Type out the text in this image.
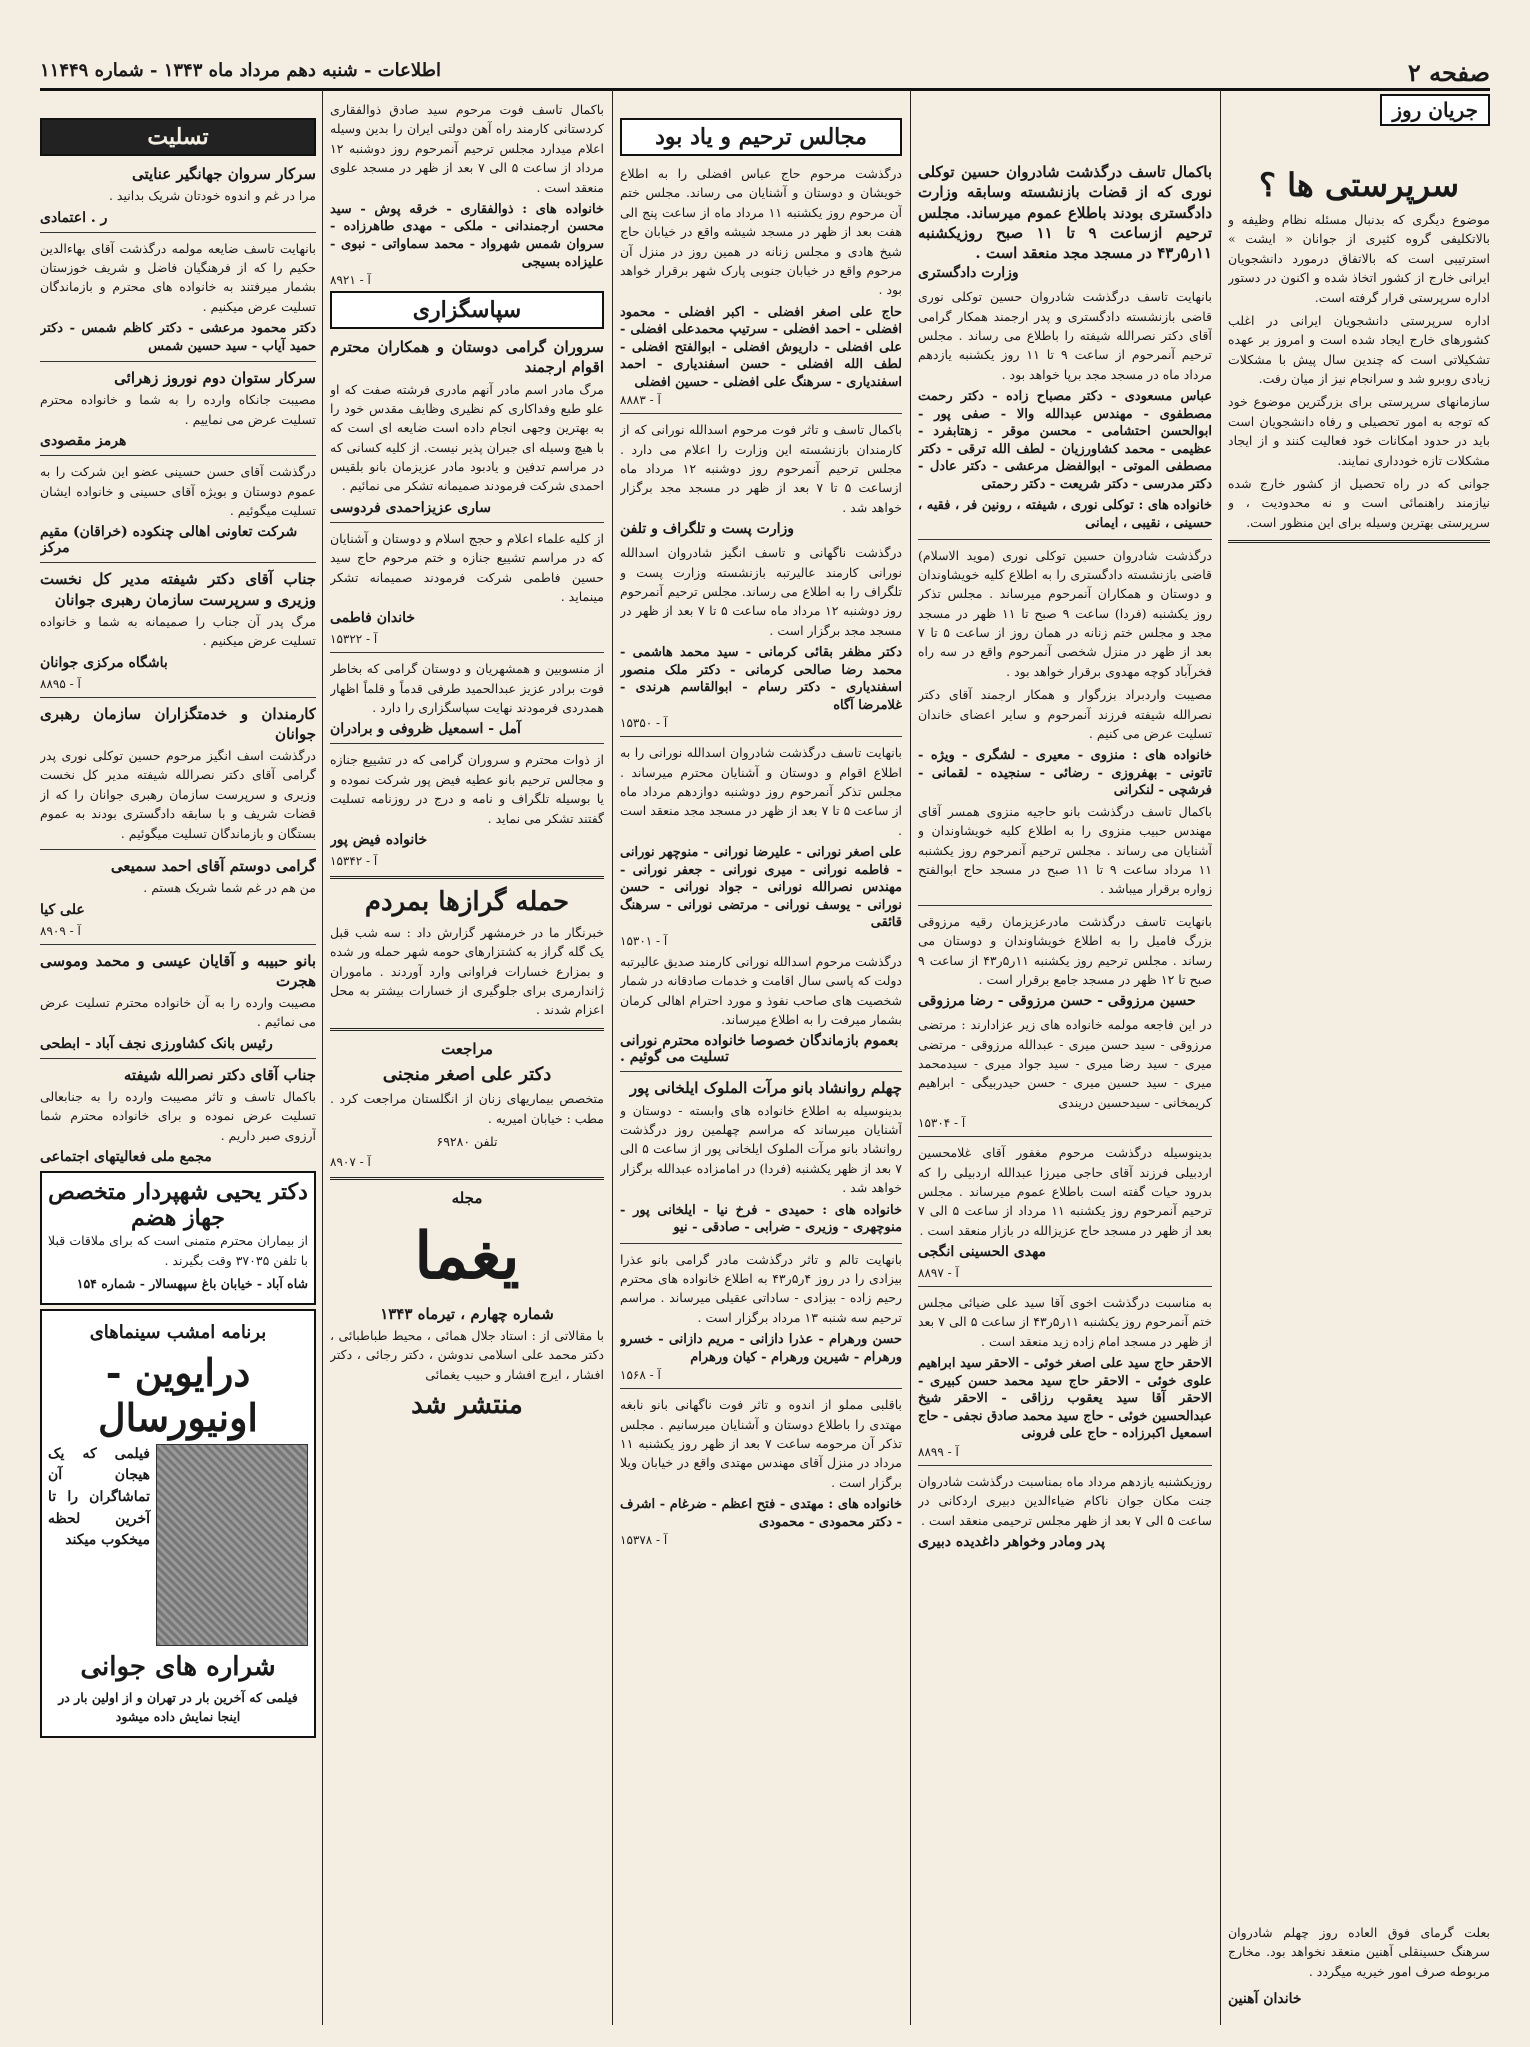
صفحه ۲
اطلاعات - شنبه دهم مرداد ماه ۱۳۴۳ - شماره ۱۱۴۴۹
جریان روز
سرپرستی ها ؟

موضوع دیگری که بدنبال مسئله نظام وظیفه و بالاتکلیفی گروه کثیری از جوانان « ایشت » استرتیبی است که بالاتفاق درمورد دانشجویان ایرانی خارج از کشور اتخاذ شده و اکنون در دستور اداره سرپرستی قرار گرفته است.

اداره سرپرستی دانشجویان ایرانی در اغلب کشورهای خارج ایجاد شده است و امروز بر عهده تشکیلاتی است که چندین سال پیش با مشکلات زیادی روبرو شد و سرانجام نیز از میان رفت.

سازمانهای سرپرستی برای بزرگترین موضوع خود که توجه به امور تحصیلی و رفاه دانشجویان است باید در حدود امکانات خود فعالیت کنند و از ایجاد مشکلات تازه خودداری نمایند.

جوانی که در راه تحصیل از کشور خارج شده نیازمند راهنمائی است و نه محدودیت ، و سرپرستی بهترین وسیله برای این منظور است.

بعلت گرمای فوق العاده روز چهلم شادروان سرهنگ حسینقلی آهنین منعقد نخواهد بود. مخارج مربوطه صرف امور خیریه میگردد .

خاندان آهنین

باکمال تاسف درگذشت شادروان حسین توکلی نوری که از قضات بازنشسته وسابقه وزارت دادگستری بودند باطلاع عموم میرساند. مجلس ترحیم ازساعت ۹ تا ۱۱ صبح روزیکشنبه ۱۱ر۵ر۴۳ در مسجد مجد منعقد است .

وزارت دادگستری

بانهایت تاسف درگذشت شادروان حسین توکلی نوری قاضی بازنشسته دادگستری و پدر ارجمند همکار گرامی آقای دکتر نصرالله شیفته را باطلاع می رساند . مجلس ترحیم آنمرحوم از ساعت ۹ تا ۱۱ روز یکشنبه یازدهم مرداد ماه در مسجد مجد برپا خواهد بود .

عباس مسعودی - دکتر مصباح زاده - دکتر رحمت مصطفوی - مهندس عبدالله والا - صفی پور - ابوالحسن احتشامی - محسن موقر - زهتابفرد - عظیمی - محمد کشاورزیان - لطف الله ترقی - دکتر مصطفی الموتی - ابوالفضل مرعشی - دکتر عادل - دکتر مدرسی - دکتر شریعت - دکتر رحمتی

خانواده های : توکلی نوری ، شیفته ، رونین فر ، فقیه ، حسینی ، نقیبی ، ایمانی

درگذشت شادروان حسین توکلی نوری (موید الاسلام) قاضی بازنشسته دادگستری را به اطلاع کلیه خویشاوندان و دوستان و همکاران آنمرحوم میرساند . مجلس تذکر روز یکشنبه (فردا) ساعت ۹ صبح تا ۱۱ ظهر در مسجد مجد و مجلس ختم زنانه در همان روز از ساعت ۵ تا ۷ بعد از ظهر در منزل شخصی آنمرحوم واقع در سه راه فخرآباد کوچه مهدوی برقرار خواهد بود .

مصیبت واردبراد بزرگوار و همکار ارجمند آقای دکتر نصرالله شیفته فرزند آنمرحوم و سایر اعضای خاندان تسلیت عرض می کنیم .

خانواده های : منزوی - معیری - لشگری - ویژه - تاتونی - بهفروزی - رضائی - سنجیده - لقمانی - فرشچی - لنکرانی

باکمال تاسف درگذشت بانو حاجیه منزوی همسر آقای مهندس حبیب منزوی را به اطلاع کلیه خویشاوندان و آشنایان می رساند . مجلس ترحیم آنمرحوم روز یکشنبه ۱۱ مرداد ساعت ۹ تا ۱۱ صبح در مسجد حاج ابوالفتح زواره برقرار میباشد .

بانهایت تاسف درگذشت مادرعزیزمان رقیه مرزوقی بزرگ فامیل را به اطلاع خویشاوندان و دوستان می رساند . مجلس ترحیم روز یکشنبه ۱۱ر۵ر۴۳ از ساعت ۹ صبح تا ۱۲ ظهر در مسجد جامع برقرار است .

حسین مرزوقی - حسن مرزوقی - رضا مرزوقی

در این فاجعه مولمه خانواده های زیر عزادارند : مرتضی مرزوقی - سید حسن میری - عبدالله مرزوقی - مرتضی میری - سید رضا میری - سید جواد میری - سیدمحمد میری - سید حسین میری - حسن حیدربیگی - ابراهیم کریمخانی - سیدحسین دریندی

آ - ۱۵۳۰۴

بدینوسیله درگذشت مرحوم مغفور آقای غلامحسین اردبیلی فرزند آقای حاجی میرزا عبدالله اردبیلی را که بدرود حیات گفته است باطلاع عموم میرساند . مجلس ترحیم آنمرحوم روز یکشنبه ۱۱ مرداد از ساعت ۵ الی ۷ بعد از ظهر در مسجد حاج عزیزالله در بازار منعقد است .

مهدی الحسینی انگجی
آ - ۸۸۹۷

به مناسبت درگذشت اخوی آقا سید علی ضیائی مجلس ختم آنمرحوم روز یکشنبه ۱۱ر۵ر۴۳ از ساعت ۵ الی ۷ بعد از ظهر در مسجد امام زاده زید منعقد است .

الاحقر حاج سید علی اصغر خوئی - الاحقر سید ابراهیم علوی خوئی - الاحقر حاج سید محمد حسن کبیری - الاحقر آقا سید یعقوب رزاقی - الاحقر شیخ عبدالحسین خوئی - حاج سید محمد صادق نجفی - حاج اسمعیل اکبرزاده - حاج علی فرونی

آ - ۸۸۹۹

روزیکشنبه یازدهم مرداد ماه بمناسبت درگذشت شادروان جنت مکان جوان ناکام ضیاءالدین دبیری اردکانی در ساعت ۵ الی ۷ بعد از ظهر مجلس ترحیمی منعقد است .

پدر ومادر وخواهر داغدیده دبیری
مجالس ترحیم و یاد بود

درگذشت مرحوم حاج عباس افضلی را به اطلاع خویشان و دوستان و آشنایان می رساند. مجلس ختم آن مرحوم روز یکشنبه ۱۱ مرداد ماه از ساعت پنج الی هفت بعد از ظهر در مسجد شیشه واقع در خیابان حاج شیخ هادی و مجلس زنانه در همین روز در منزل آن مرحوم واقع در خیابان جنوبی پارک شهر برقرار خواهد بود .

حاج علی اصغر افضلی - اکبر افضلی - محمود افضلی - احمد افضلی - سرتیپ محمدعلی افضلی - علی افضلی - داریوش افضلی - ابوالفتح افضلی - لطف الله افضلی - حسن اسفندیاری - احمد اسفندیاری - سرهنگ علی افضلی - حسین افضلی

آ - ۸۸۸۳

باکمال تاسف و تاثر فوت مرحوم اسدالله نورانی که از کارمندان بازنشسته این وزارت را اعلام می دارد . مجلس ترحیم آنمرحوم روز دوشنبه ۱۲ مرداد ماه ازساعت ۵ تا ۷ بعد از ظهر در مسجد مجد برگزار خواهد شد .

وزارت پست و تلگراف و تلفن

درگذشت ناگهانی و تاسف انگیز شادروان اسدالله نورانی کارمند عالیرتبه بازنشسته وزارت پست و تلگراف را به اطلاع می رساند. مجلس ترحیم آنمرحوم روز دوشنبه ۱۲ مرداد ماه ساعت ۵ تا ۷ بعد از ظهر در مسجد مجد برگزار است .

دکتر مظفر بقائی کرمانی - سید محمد هاشمی - محمد رضا صالحی کرمانی - دکتر ملک منصور اسفندیاری - دکتر رسام - ابوالقاسم هرندی - غلامرضا آگاه

آ - ۱۵۳۵۰

بانهایت تاسف درگذشت شادروان اسدالله نورانی را به اطلاع اقوام و دوستان و آشنایان محترم میرساند . مجلس تذکر آنمرحوم روز دوشنبه دوازدهم مرداد ماه از ساعت ۵ تا ۷ بعد از ظهر در مسجد مجد منعقد است .

علی اصغر نورانی - علیرضا نورانی - منوچهر نورانی - فاطمه نورانی - میری نورانی - جعفر نورانی - مهندس نصرالله نورانی - جواد نورانی - حسن نورانی - یوسف نورانی - مرتضی نورانی - سرهنگ قائقی

آ - ۱۵۳۰۱

درگذشت مرحوم اسدالله نورانی کارمند صدیق عالیرتبه دولت که پاسی سال اقامت و خدمات صادقانه در شمار شخصیت های صاحب نفوذ و مورد احترام اهالی کرمان بشمار میرفت را به اطلاع میرساند.

بعموم بازماندگان خصوصا خانواده محترم نورانی تسلیت می گوئیم .

چهلم روانشاد بانو مرآت الملوک ایلخانی پور

بدینوسیله به اطلاع خانواده های وابسته - دوستان و آشنایان میرساند که مراسم چهلمین روز درگذشت روانشاد بانو مرآت الملوک ایلخانی پور از ساعت ۵ الی ۷ بعد از ظهر یکشنبه (فردا) در امامزاده عبدالله برگزار خواهد شد .

خانواده های : حمیدی - فرخ نیا - ایلخانی پور - منوچهری - وزیری - ضرابی - صادقی - نیو

بانهایت تالم و تاثر درگذشت مادر گرامی بانو عذرا بیزادی را در روز ۴ر۵ر۴۳ به اطلاع خانواده های محترم رحیم زاده - بیزادی - ساداتی عقیلی میرساند . مراسم ترحیم سه شنبه ۱۳ مرداد برگزار است .

حسن ورهرام - عذرا دازانی - مریم دازانی - خسرو ورهرام - شیرین ورهرام - کیان ورهرام

آ - ۱۵۶۸

باقلبی مملو از اندوه و تاثر فوت ناگهانی بانو نابغه مهتدی را باطلاع دوستان و آشنایان میرسانیم . مجلس تذکر آن مرحومه ساعت ۷ بعد از ظهر روز یکشنبه ۱۱ مرداد در منزل آقای مهندس مهتدی واقع در خیابان ویلا برگزار است .

خانواده های : مهتدی - فتح اعظم - ضرغام - اشرف - دکتر محمودی - محمودی

آ - ۱۵۳۷۸

باکمال تاسف فوت مرحوم سید صادق ذوالفقاری کردستانی کارمند راه آهن دولتی ایران را بدین وسیله اعلام میدارد مجلس ترحیم آنمرحوم روز دوشنبه ۱۲ مرداد از ساعت ۵ الی ۷ بعد از ظهر در مسجد علوی منعقد است .

خانواده های : ذوالفقاری - خرقه پوش - سید محسن ارجمندانی - ملکی - مهدی طاهرزاده - سروان شمس شهرواد - محمد سماواتی - نبوی - علیزاده بسیجی

آ - ۸۹۲۱
سپاسگزاری

سروران گرامی دوستان و همکاران محترم اقوام ارجمند

مرگ مادر اسم مادر آنهم مادری فرشته صفت که او علو طبع وفداکاری کم نظیری وظایف مقدس خود را به بهترین وجهی انجام داده است ضایعه ای است که با هیچ وسیله ای جبران پذیر نیست. از کلیه کسانی که در مراسم تدفین و یادبود مادر عزیزمان بانو بلقیس احمدی شرکت فرمودند صمیمانه تشکر می نمائیم .

ساری عزیزاحمدی فردوسی

از کلیه علماء اعلام و حجج اسلام و دوستان و آشنایان که در مراسم تشییع جنازه و ختم مرحوم حاج سید حسین فاطمی شرکت فرمودند صمیمانه تشکر مینماید .

خاندان فاطمی
آ - ۱۵۳۲۲

از منسوبین و همشهریان و دوستان گرامی که بخاطر فوت برادر عزیز عبدالحمید طرفی قدماً و قلماً اظهار همدردی فرمودند نهایت سپاسگزاری را دارد .

آمل - اسمعیل ظروفی و برادران

از ذوات محترم و سروران گرامی که در تشییع جنازه و مجالس ترحیم بانو عطیه فیض پور شرکت نموده و یا بوسیله تلگراف و نامه و درج در روزنامه تسلیت گفتند تشکر می نماید .

خانواده فیض پور
آ - ۱۵۳۴۲
حمله گرازها بمردم

خبرنگار ما در خرمشهر گزارش داد : سه شب قبل یک گله گراز به کشتزارهای حومه شهر حمله ور شده و بمزارع خسارات فراوانی وارد آوردند . ماموران ژاندارمری برای جلوگیری از خسارات بیشتر به محل اعزام شدند .

مراجعت
دکتر علی اصغر منجنی

متخصص بیماریهای زنان از انگلستان مراجعت کرد . مطب : خیابان امیریه .

تلفن ۶۹۲۸۰
آ - ۸۹۰۷
مجله
یغما
شماره چهارم ، تیرماه ۱۳۴۳

با مقالاتی از : استاد جلال همائی ، محیط طباطبائی ، دکتر محمد علی اسلامی ندوشن ، دکتر رجائی ، دکتر افشار ، ایرج افشار و حبیب یغمائی

منتشر شد
تسلیت

سرکار سروان جهانگیر عنایتی

مرا در غم و اندوه خودتان شریک بدانید .

ر . اعتمادی

بانهایت تاسف ضایعه مولمه درگذشت آقای بهاءالدین حکیم را که از فرهنگیان فاضل و شریف خوزستان بشمار میرفتند به خانواده های محترم و بازماندگان تسلیت عرض میکنیم .

دکتر محمود مرعشی - دکتر کاظم شمس - دکتر حمید آیاب - سید حسین شمس

سرکار ستوان دوم نوروز زهرائی

مصیبت جانکاه وارده را به شما و خانواده محترم تسلیت عرض می نماییم .

هرمز مقصودی

درگذشت آقای حسن حسینی عضو این شرکت را به عموم دوستان و بویژه آقای حسینی و خانواده ایشان تسلیت میگوئیم .

شرکت تعاونی اهالی چنکوده (خراقان) مقیم مرکز

جناب آقای دکتر شیفته مدیر کل نخست وزیری و سرپرست سازمان رهبری جوانان

مرگ پدر آن جناب را صمیمانه به شما و خانواده تسلیت عرض میکنیم .

باشگاه مرکزی جوانان
آ - ۸۸۹۵

کارمندان و خدمتگزاران سازمان رهبری جوانان

درگذشت اسف انگیز مرحوم حسین توکلی نوری پدر گرامی آقای دکتر نصرالله شیفته مدیر کل نخست وزیری و سرپرست سازمان رهبری جوانان را که از قضات شریف و با سابقه دادگستری بودند به عموم بستگان و بازماندگان تسلیت میگوئیم .

گرامی دوستم آقای احمد سمیعی

من هم در غم شما شریک هستم .

علی کیا
آ - ۸۹۰۹

بانو حبیبه و آقایان عیسی و محمد وموسی هجرت

مصیبت وارده را به آن خانواده محترم تسلیت عرض می نمائیم .

رئیس بانک کشاورزی نجف آباد - ابطحی

جناب آقای دکتر نصرالله شیفته

باکمال تاسف و تاثر مصیبت وارده را به جنابعالی تسلیت عرض نموده و برای خانواده محترم شما آرزوی صبر داریم .

مجمع ملی فعالیتهای اجتماعی
دکتر یحیی شهپردار متخصص جهاز هضم

از بیماران محترم متمنی است که برای ملاقات قبلا با تلفن ۳۷۰۳۵ وقت بگیرند .

شاه آباد - خیابان باغ سپهسالار - شماره ۱۵۴

برنامه امشب سینماهای
درایوین - اونیورسال
فیلمی که یک هیجان آن تماشاگران را تا آخرین لحظه میخکوب میکند
شراره های جوانی
فیلمی که آخرین بار در تهران و از اولین بار در اینجا نمایش داده میشود
